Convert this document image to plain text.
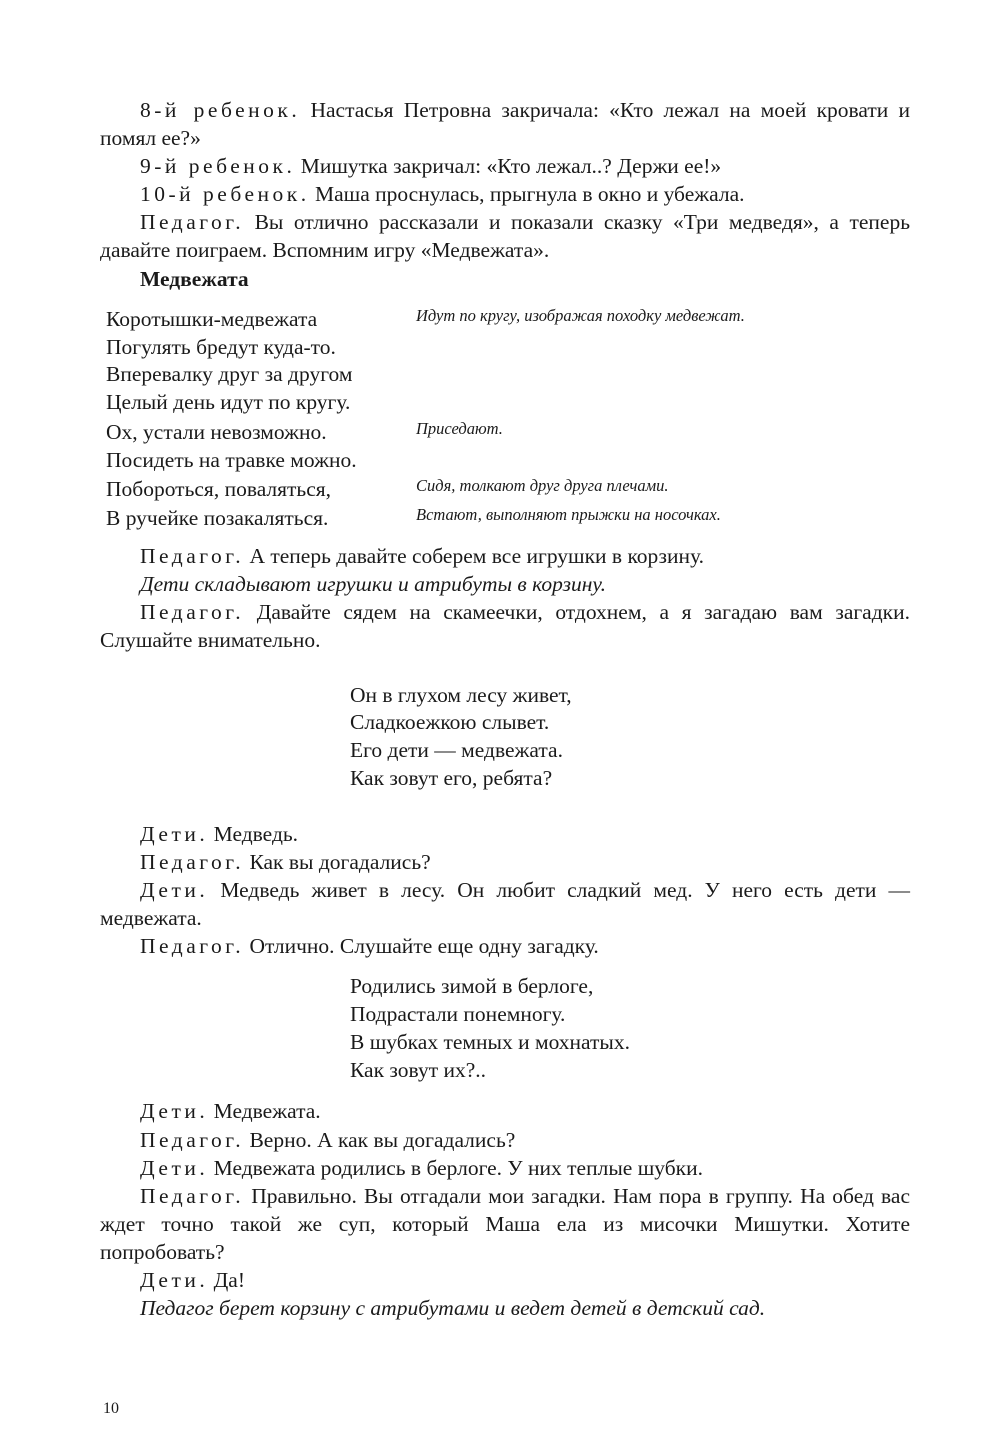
8-й ребенок. Настасья Петровна закричала: «Кто лежал на моей кровати и помял ее?»

9-й ребенок. Мишутка закричал: «Кто лежал..? Держи ее!»

10-й ребенок. Маша проснулась, прыгнула в окно и убежала.

Педагог. Вы отлично рассказали и показали сказку «Три медведя», а теперь давайте поиграем. Вспомним игру «Медвежата».

Медвежата

Коротышки-медвежата

Погулять бредут куда-то.

Вперевалку друг за другом

Целый день идут по кругу.

Ох, устали невозможно.

Посидеть на травке можно.

Побороться, поваляться,

В ручейке позакаляться.

Идут по кругу, изображая походку медвежат.

Приседают.

Сидя, толкают друг друга плечами.

Встают, выполняют прыжки на носочках.

Педагог. А теперь давайте соберем все игрушки в корзину.

Дети складывают игрушки и атрибуты в корзину.

Педагог. Давайте сядем на скамеечки, отдохнем, а я загадаю вам загадки. Слушайте внимательно.

Он в глухом лесу живет,

Сладкоежкою слывет.

Его дети — медвежата.

Как зовут его, ребята?

Дети. Медведь.

Педагог. Как вы догадались?

Дети. Медведь живет в лесу. Он любит сладкий мед. У него есть дети — медвежата.

Педагог. Отлично. Слушайте еще одну загадку.

Родились зимой в берлоге,

Подрастали понемногу.

В шубках темных и мохнатых.

Как зовут их?..

Дети. Медвежата.

Педагог. Верно. А как вы догадались?

Дети. Медвежата родились в берлоге. У них теплые шубки.

Педагог. Правильно. Вы отгадали мои загадки. Нам пора в группу. На обед вас ждет точно такой же суп, который Маша ела из мисочки Мишутки. Хотите попробовать?

Дети. Да!

Педагог берет корзину с атрибутами и ведет детей в детский сад.

10
